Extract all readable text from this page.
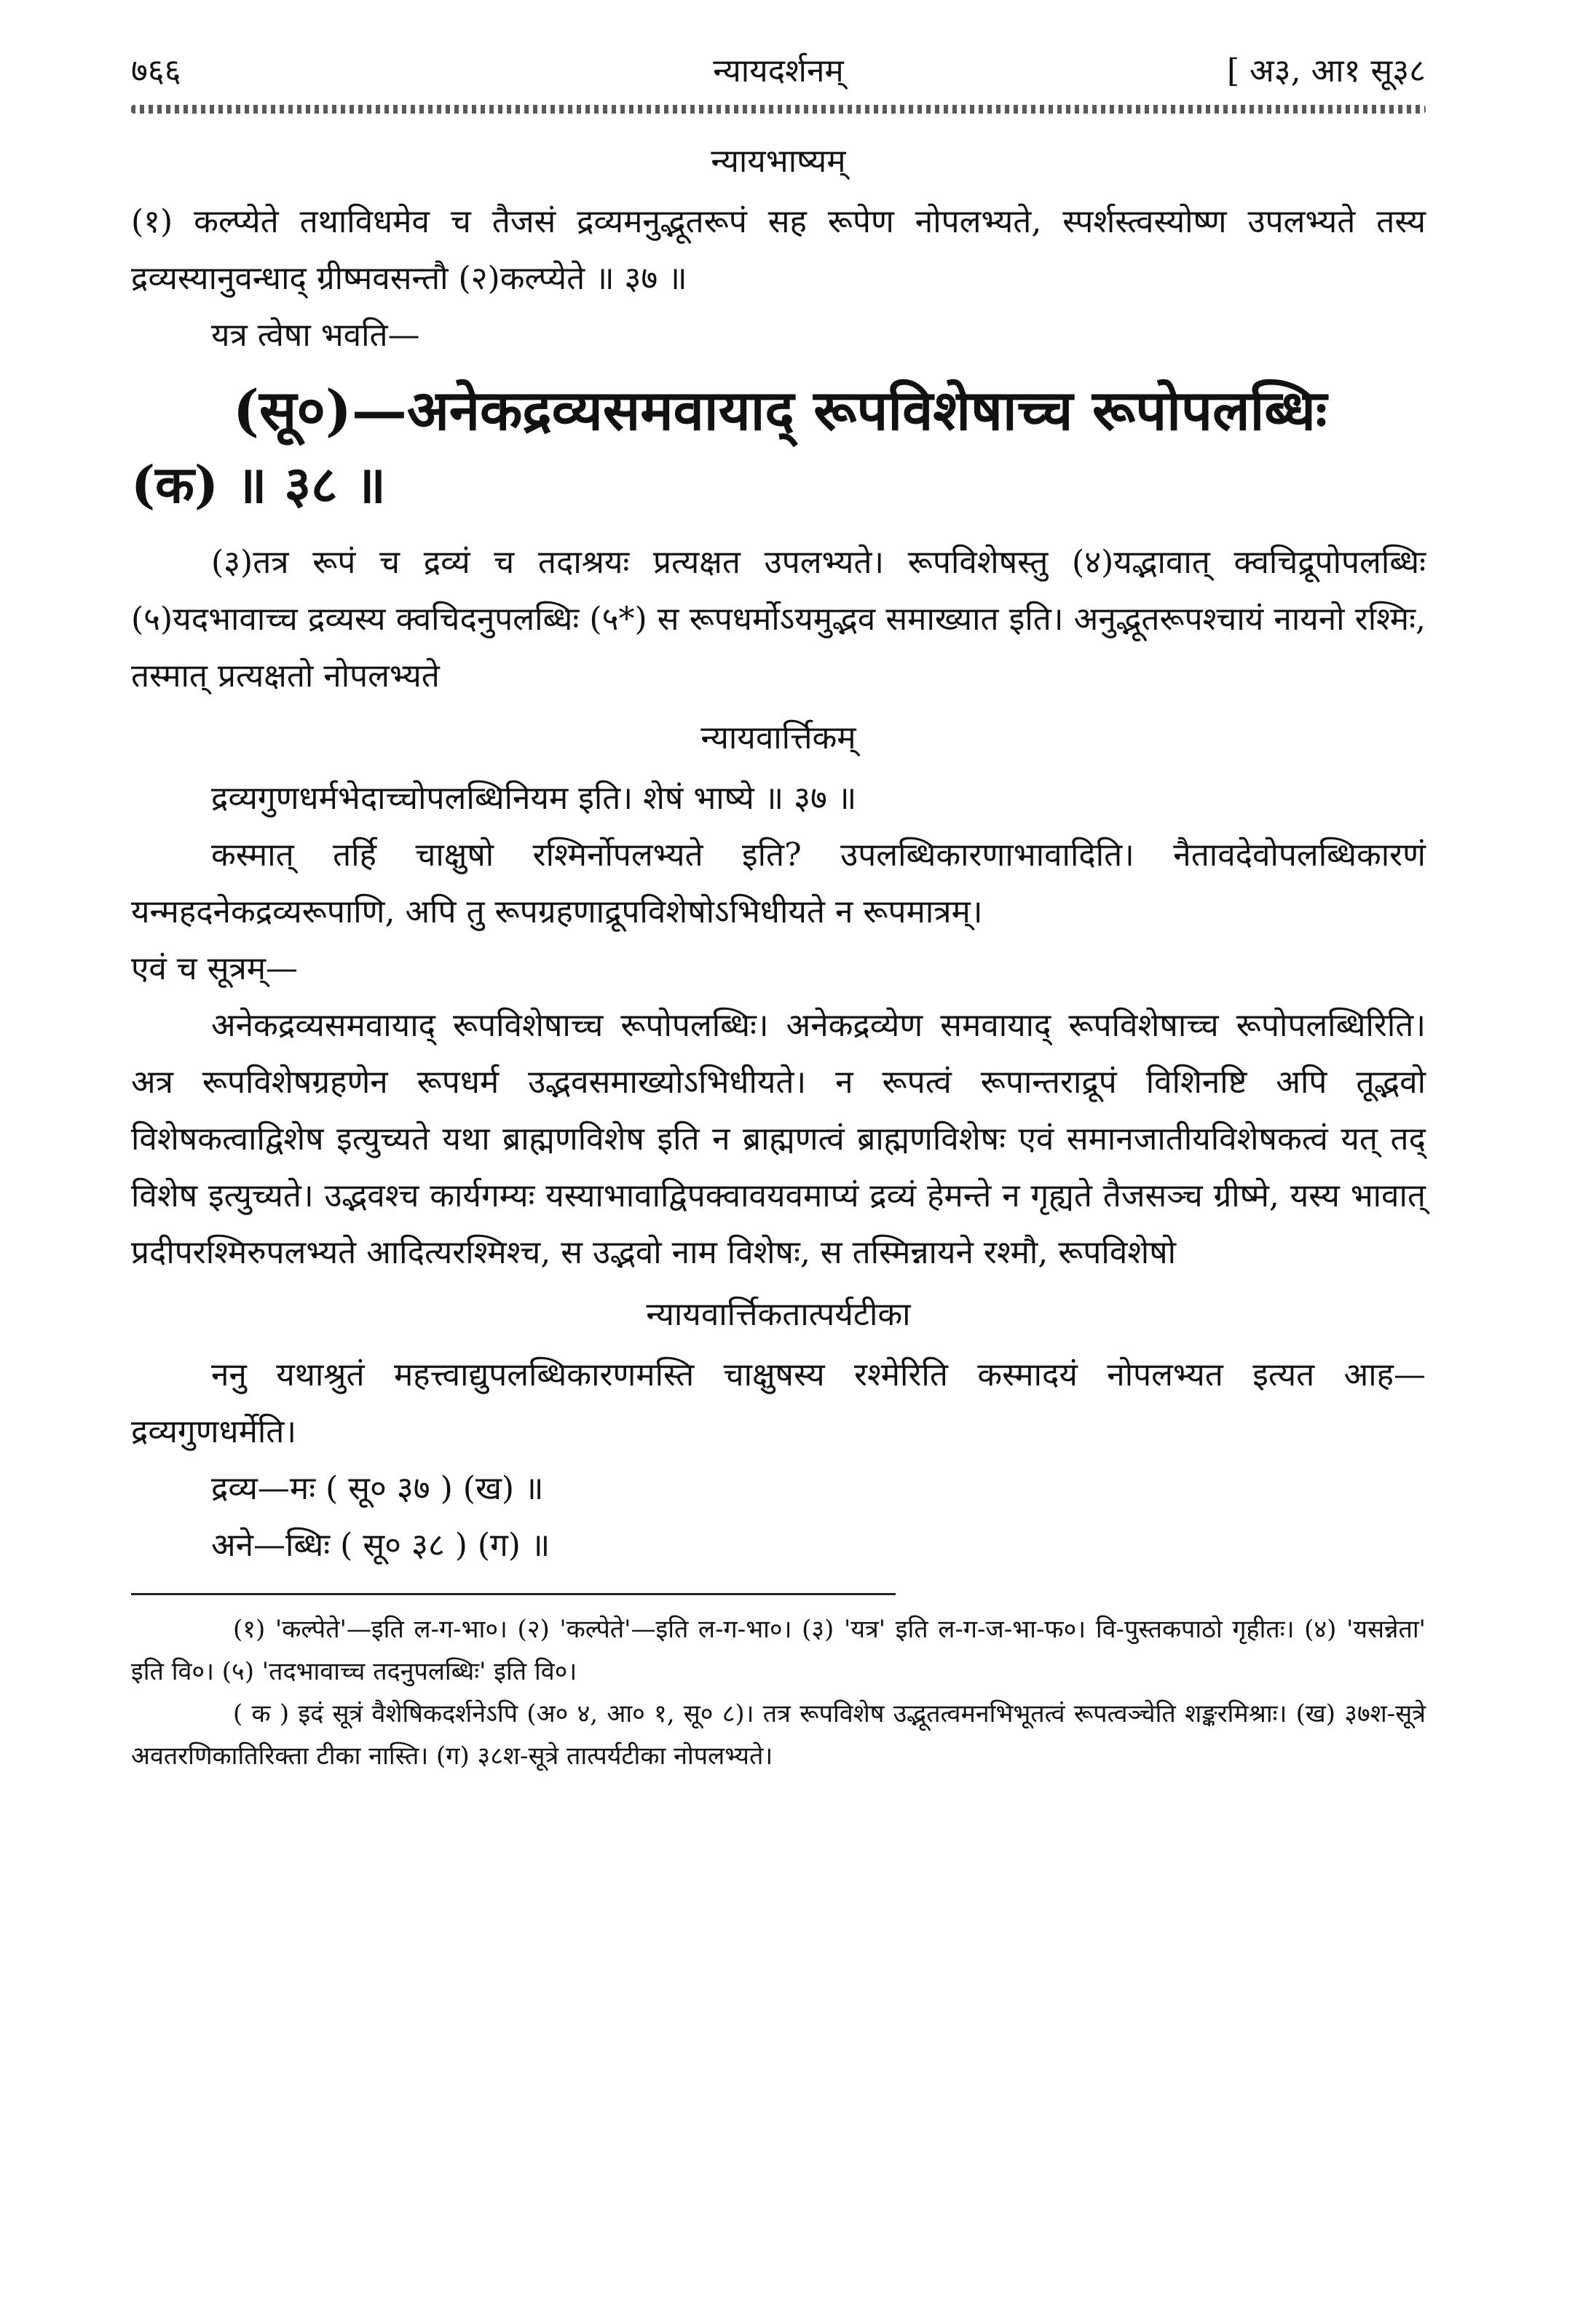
७६६	न्यायदर्शनम्	[ अ३, आ१ सू३८
न्यायभाष्यम्

(१) कल्प्येते तथाविधमेव च तैजसं द्रव्यमनुद्भूतरूपं सह रूपेण नोपलभ्यते, स्पर्शस्त्वस्योष्ण उपलभ्यते तस्य द्रव्यस्यानुवन्धाद् ग्रीष्मवसन्तौ (२)कल्प्येते ॥ ३७ ॥

यत्र त्वेषा भवति—

(सू०)—अनेकद्रव्यसमवायाद् रूपविशेषाच्च रूपोपलब्धिः
(क) ॥ ३८ ॥

(३)तत्र रूपं च द्रव्यं च तदाश्रयः प्रत्यक्षत उपलभ्यते। रूपविशेषस्तु (४)यद्भावात् क्वचिद्रूपोपलब्धिः (५)यदभावाच्च द्रव्यस्य क्वचिदनुपलब्धिः (५*) स रूपधर्मोऽयमुद्भव समाख्यात इति। अनुद्भूतरूपश्चायं नायनो रश्मिः, तस्मात् प्रत्यक्षतो नोपलभ्यते

न्यायवार्त्तिकम्

द्रव्यगुणधर्मभेदाच्चोपलब्धिनियम इति। शेषं भाष्ये ॥ ३७ ॥

कस्मात् तर्हि चाक्षुषो रश्मिर्नोपलभ्यते इति? उपलब्धिकारणाभावादिति। नैतावदेवोपलब्धिकारणं यन्महदनेकद्रव्यरूपाणि, अपि तु रूपग्रहणाद्रूपविशेषोऽभिधीयते न रूपमात्रम्।

एवं च सूत्रम्—

अनेकद्रव्यसमवायाद् रूपविशेषाच्च रूपोपलब्धिः। अनेकद्रव्येण समवायाद् रूपविशेषाच्च रूपोपलब्धिरिति। अत्र रूपविशेषग्रहणेन रूपधर्म उद्भवसमाख्योऽभिधीयते। न रूपत्वं रूपान्तराद्रूपं विशिनष्टि अपि तूद्भवो विशेषकत्वाद्विशेष इत्युच्यते यथा ब्राह्मणविशेष इति न ब्राह्मणत्वं ब्राह्मणविशेषः एवं समानजातीयविशेषकत्वं यत् तद् विशेष इत्युच्यते। उद्भवश्च कार्यगम्यः यस्याभावाद्विपक्वावयवमाप्यं द्रव्यं हेमन्ते न गृह्यते तैजसञ्च ग्रीष्मे, यस्य भावात् प्रदीपरश्मिरुपलभ्यते आदित्यरश्मिश्च, स उद्भवो नाम विशेषः, स तस्मिन्नायने रश्मौ, रूपविशेषो

न्यायवार्त्तिकतात्पर्यटीका

ननु यथाश्रुतं महत्त्वाद्युपलब्धिकारणमस्ति चाक्षुषस्य रश्मेरिति कस्मादयं नोपलभ्यत इत्यत आह—द्रव्यगुणधर्मेति।

द्रव्य—मः ( सू० ३७ ) (ख) ॥

अने—ब्धिः ( सू० ३८ ) (ग) ॥

(१) 'कल्पेते'—इति ल-ग-भा०। (२) 'कल्पेते'—इति ल-ग-भा०। (३) 'यत्र' इति ल-ग-ज-भा-फ०। वि-पुस्तकपाठो गृहीतः। (४) 'यसन्नेता' इति वि०। (५) 'तदभावाच्च तदनुपलब्धिः' इति वि०।

( क ) इदं सूत्रं वैशेषिकदर्शनेऽपि (अ० ४, आ० १, सू० ८)। तत्र रूपविशेष उद्भूतत्वमनभिभूतत्वं रूपत्वञ्चेति शङ्करमिश्राः। (ख) ३७श-सूत्रे अवतरणिकातिरिक्ता टीका नास्ति। (ग) ३८श-सूत्रे तात्पर्यटीका नोपलभ्यते।
